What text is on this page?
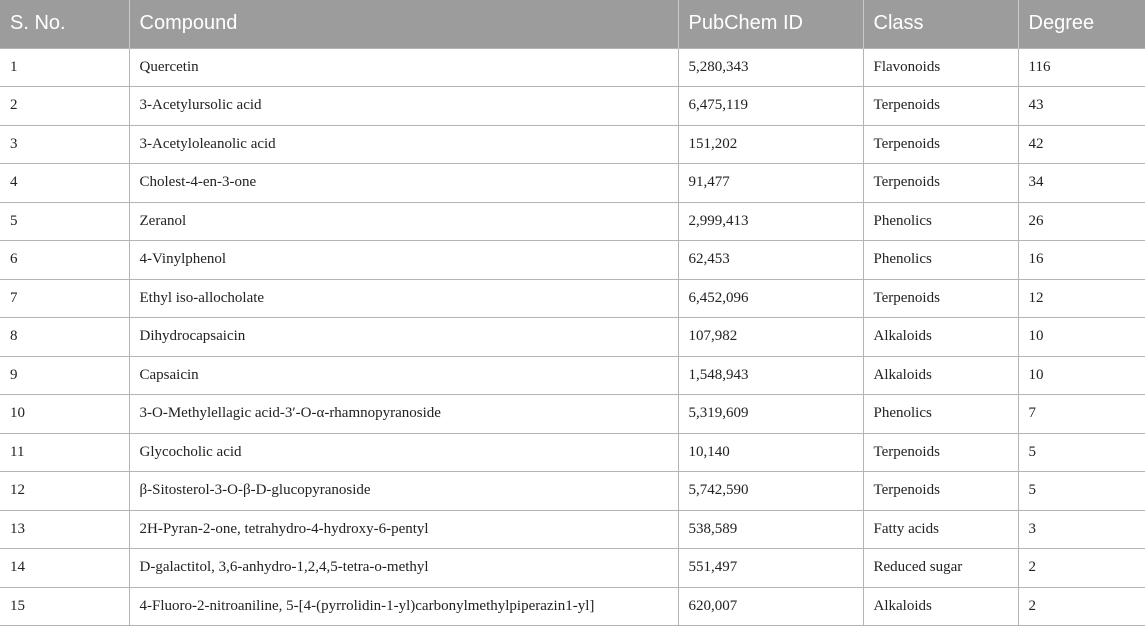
S. No.	Compound	PubChem ID	Class	Degree
1	Quercetin	5,280,343	Flavonoids	116
2	3-Acetylursolic acid	6,475,119	Terpenoids	43
3	3-Acetyloleanolic acid	151,202	Terpenoids	42
4	Cholest-4-en-3-one	91,477	Terpenoids	34
5	Zeranol	2,999,413	Phenolics	26
6	4-Vinylphenol	62,453	Phenolics	16
7	Ethyl iso-allocholate	6,452,096	Terpenoids	12
8	Dihydrocapsaicin	107,982	Alkaloids	10
9	Capsaicin	1,548,943	Alkaloids	10
10	3-O-Methylellagic acid-3′-O-α-rhamnopyranoside	5,319,609	Phenolics	7
11	Glycocholic acid	10,140	Terpenoids	5
12	β-Sitosterol-3-O-β-D-glucopyranoside	5,742,590	Terpenoids	5
13	2H-Pyran-2-one, tetrahydro-4-hydroxy-6-pentyl	538,589	Fatty acids	3
14	D-galactitol, 3,6-anhydro-1,2,4,5-tetra-o-methyl	551,497	Reduced sugar	2
15	4-Fluoro-2-nitroaniline, 5-[4-(pyrrolidin-1-yl)carbonylmethylpiperazin1-yl]	620,007	Alkaloids	2
